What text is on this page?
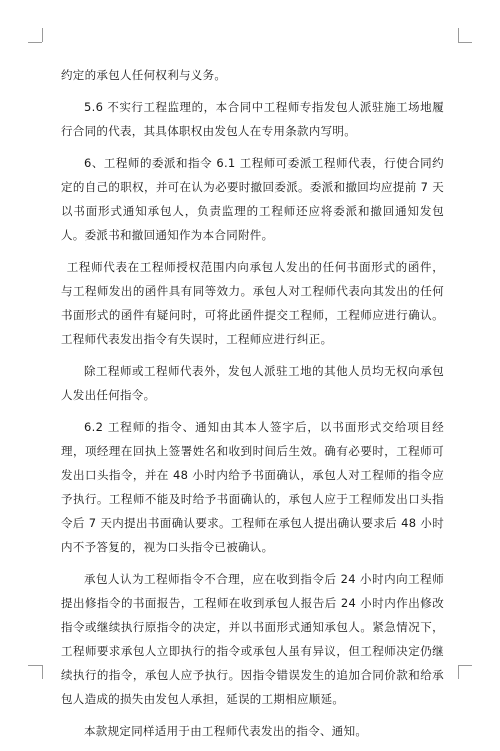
约定的承包人任何权利与义务。

5.6 不实行工程监理的，本合同中工程师专指发包人派驻施工场地履行合同的代表，其具体职权由发包人在专用条款内写明。

6、工程师的委派和指令 6.1 工程师可委派工程师代表，行使合同约定的自己的职权，并可在认为必要时撤回委派。委派和撤回均应提前 7 天以书面形式通知承包人，负责监理的工程师还应将委派和撤回通知发包人。委派书和撤回通知作为本合同附件。

工程师代表在工程师授权范围内向承包人发出的任何书面形式的函件，与工程师发出的函件具有同等效力。承包人对工程师代表向其发出的任何书面形式的函件有疑问时，可将此函件提交工程师，工程师应进行确认。工程师代表发出指令有失误时，工程师应进行纠正。

除工程师或工程师代表外，发包人派驻工地的其他人员均无权向承包人发出任何指令。

6.2 工程师的指令、通知由其本人签字后，以书面形式交给项目经理，项经理在回执上签署姓名和收到时间后生效。确有必要时，工程师可发出口头指令，并在 48 小时内给予书面确认，承包人对工程师的指令应予执行。工程师不能及时给予书面确认的，承包人应于工程师发出口头指令后 7 天内提出书面确认要求。工程师在承包人提出确认要求后 48 小时内不予答复的，视为口头指令已被确认。

承包人认为工程师指令不合理，应在收到指令后 24 小时内向工程师提出修指令的书面报告，工程师在收到承包人报告后 24 小时内作出修改指令或继续执行原指令的决定，并以书面形式通知承包人。紧急情况下，工程师要求承包人立即执行的指令或承包人虽有异议，但工程师决定仍继续执行的指令，承包人应予执行。因指令错误发生的追加合同价款和给承包人造成的损失由发包人承担，延误的工期相应顺延。

本款规定同样适用于由工程师代表发出的指令、通知。
